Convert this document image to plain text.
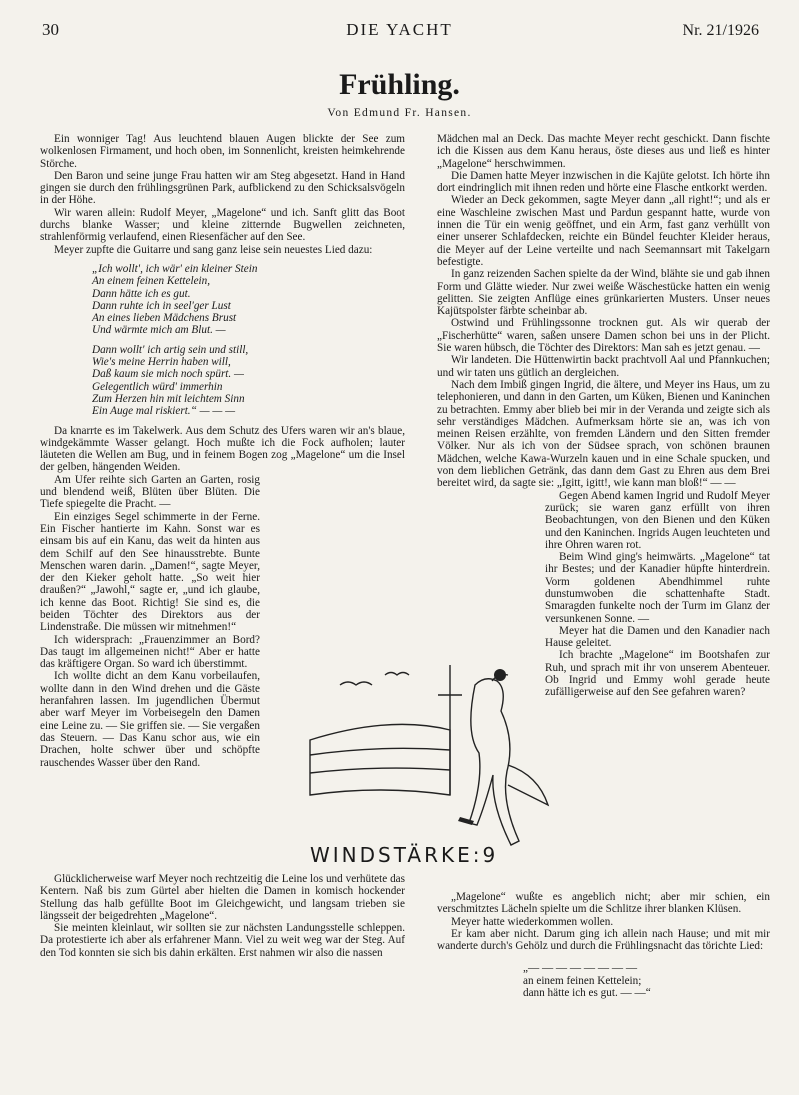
30	DIE YACHT	Nr. 21/1926
Frühling.
Von Edmund Fr. Hansen.

Ein wonniger Tag! Aus leuchtend blauen Augen blickte der See zum wolkenlosen Firmament, und hoch oben, im Sonnenlicht, kreisten heimkehrende Störche.

Den Baron und seine junge Frau hatten wir am Steg abgesetzt. Hand in Hand gingen sie durch den frühlingsgrünen Park, aufblickend zu den Schicksalsvögeln in der Höhe.

Wir waren allein: Rudolf Meyer, „Magelone“ und ich. Sanft glitt das Boot durchs blanke Wasser; und kleine zitternde Bugwellen zeichneten, strahlenförmig verlaufend, einen Riesenfächer auf den See.

Meyer zupfte die Guitarre und sang ganz leise sein neuestes Lied dazu:

„Ich wollt', ich wär' ein kleiner Stein
An einem feinen Kettelein,
Dann hätte ich es gut.
Dann ruhte ich in seel'ger Lust
An eines lieben Mädchens Brust
Und wärmte mich am Blut. —
Dann wollt' ich artig sein und still,
Wie's meine Herrin haben will,
Daß kaum sie mich noch spürt. —
Gelegentlich würd' immerhin
Zum Herzen hin mit leichtem Sinn
Ein Auge mal riskiert.“ — — —

Da knarrte es im Takelwerk. Aus dem Schutz des Ufers waren wir an's blaue, windgekämmte Wasser gelangt. Hoch mußte ich die Fock aufholen; lauter läuteten die Wellen am Bug, und in feinem Bogen zog „Magelone“ um die Insel der gelben, hängenden Weiden.

Am Ufer reihte sich Garten an Garten, rosig und blendend weiß, Blüten über Blüten. Die Tiefe spiegelte die Pracht. —

Ein einziges Segel schimmerte in der Ferne. Ein Fischer hantierte im Kahn. Sonst war es einsam bis auf ein Kanu, das weit da hinten aus dem Schilf auf den See hinausstrebte. Bunte Menschen waren darin. „Damen!“, sagte Meyer, der den Kieker geholt hatte. „So weit hier draußen?“ „Jawohl,“ sagte er, „und ich glaube, ich kenne das Boot. Richtig! Sie sind es, die beiden Töchter des Direktors aus der Lindenstraße. Die müssen wir mitnehmen!“

Ich widersprach: „Frauenzimmer an Bord? Das taugt im allgemeinen nicht!“ Aber er hatte das kräftigere Organ. So ward ich überstimmt.

Ich wollte dicht an dem Kanu vorbeilaufen, wollte dann in den Wind drehen und die Gäste heranfahren lassen. Im jugendlichen Übermut aber warf Meyer im Vorbeisegeln den Damen eine Leine zu. — Sie griffen sie. — Sie vergaßen das Steuern. — Das Kanu schor aus, wie ein Drachen, holte schwer über und schöpfte rauschendes Wasser über den Rand.

Mädchen mal an Deck. Das machte Meyer recht geschickt. Dann fischte ich die Kissen aus dem Kanu heraus, öste dieses aus und ließ es hinter „Magelone“ herschwimmen.

Die Damen hatte Meyer inzwischen in die Kajüte gelotst. Ich hörte ihn dort eindringlich mit ihnen reden und hörte eine Flasche entkorkt werden.

Wieder an Deck gekommen, sagte Meyer dann „all right!“; und als er eine Waschleine zwischen Mast und Pardun gespannt hatte, wurde von innen die Tür ein wenig geöffnet, und ein Arm, fast ganz verhüllt von einer unserer Schlafdecken, reichte ein Bündel feuchter Kleider heraus, die Meyer auf der Leine verteilte und nach Seemannsart mit Takelgarn befestigte.

In ganz reizenden Sachen spielte da der Wind, blähte sie und gab ihnen Form und Glätte wieder. Nur zwei weiße Wäschestücke hatten ein wenig gelitten. Sie zeigten Anflüge eines grünkarierten Musters. Unser neues Kajütspolster färbte scheinbar ab.

Ostwind und Frühlingssonne trocknen gut. Als wir querab der „Fischerhütte“ waren, saßen unsere Damen schon bei uns in der Plicht. Sie waren hübsch, die Töchter des Direktors: Man sah es jetzt genau. —

Wir landeten. Die Hüttenwirtin backt prachtvoll Aal und Pfannkuchen; und wir taten uns gütlich an dergleichen.

Nach dem Imbiß gingen Ingrid, die ältere, und Meyer ins Haus, um zu telephonieren, und dann in den Garten, um Küken, Bienen und Kaninchen zu betrachten. Emmy aber blieb bei mir in der Veranda und zeigte sich als sehr verständiges Mädchen. Aufmerksam hörte sie an, was ich von meinen Reisen erzählte, von fremden Ländern und den Sitten fremder Völker. Nur als ich von der Südsee sprach, von schönen braunen Mädchen, welche Kawa-Wurzeln kauen und in eine Schale spucken, und von dem lieblichen Getränk, das dann dem Gast zu Ehren aus dem Brei bereitet wird, da sagte sie: „Igitt, igitt!, wie kann man bloß!“ — —

Gegen Abend kamen Ingrid und Rudolf Meyer zurück; sie waren ganz erfüllt von ihren Beobachtungen, von den Bienen und den Küken und den Kaninchen. Ingrids Augen leuchteten und ihre Ohren waren rot.

Beim Wind ging's heimwärts. „Magelone“ tat ihr Bestes; und der Kanadier hüpfte hinterdrein. Vorm goldenen Abendhimmel ruhte dunstumwoben die schattenhafte Stadt. Smaragden funkelte noch der Turm im Glanz der versunkenen Sonne. —

Meyer hat die Damen und den Kanadier nach Hause geleitet.

Ich brachte „Magelone“ im Bootshafen zur Ruh, und sprach mit ihr von unserem Abenteuer. Ob Ingrid und Emmy wohl gerade heute zufälligerweise auf den See gefahren waren?

WINDSTÄRKE:9

Glücklicherweise warf Meyer noch rechtzeitig die Leine los und verhütete das Kentern. Naß bis zum Gürtel aber hielten die Damen in komisch hockender Stellung das halb gefüllte Boot im Gleichgewicht, und langsam trieben sie längsseit der beigedrehten „Magelone“.

Sie meinten kleinlaut, wir sollten sie zur nächsten Landungsstelle schleppen. Da protestierte ich aber als erfahrener Mann. Viel zu weit weg war der Steg. Auf den Tod konnten sie sich bis dahin erkälten. Erst nahmen wir also die nassen

„Magelone“ wußte es angeblich nicht; aber mir schien, ein verschmitztes Lächeln spielte um die Schlitze ihrer blanken Klüsen.

Meyer hatte wiederkommen wollen.

Er kam aber nicht. Darum ging ich allein nach Hause; und mit mir wanderte durch's Gehölz und durch die Frühlingsnacht das törichte Lied:

„— — — — — — — —
an einem feinen Kettelein;
dann hätte ich es gut. — —“
